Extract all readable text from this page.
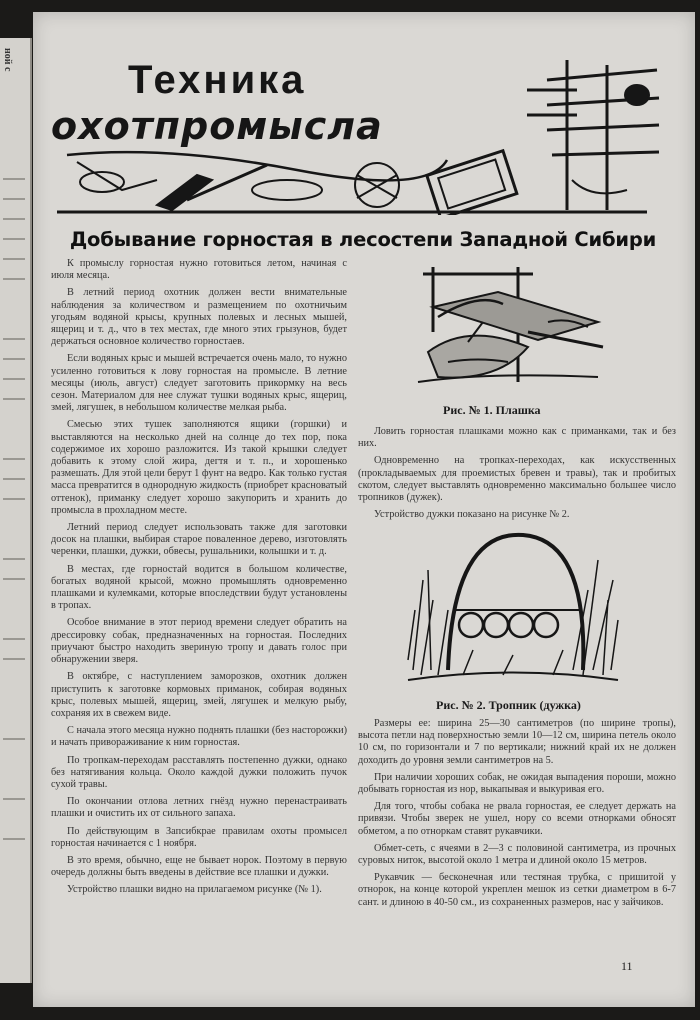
ной с	Техника
охотпромысла
Добывание горностая в лесостепи Западной Сибири

К промыслу горностая нужно готовиться летом, начиная с июля месяца.

В летний период охотник должен вести внимательные наблюдения за количеством и размещением по охотничьим угодьям водяной крысы, крупных полевых и лесных мышей, ящериц и т. д., что в тех местах, где много этих грызунов, будет держаться основное количество горностаев.

Если водяных крыс и мышей встречается очень мало, то нужно усиленно готовиться к лову горностая на промысле. В летние месяцы (июль, август) следует заготовить прикормку на весь сезон. Материалом для нее служат тушки водяных крыс, ящериц, змей, лягушек, в небольшом количестве мелкая рыба.

Смесью этих тушек заполняются ящики (горшки) и выставляются на несколько дней на солнце до тех пор, пока содержимое их хорошо разложится. Из такой крышки следует добавить к этому слой жира, дегтя и т. п., и хорошенько размешать. Для этой цели берут 1 фунт на ведро. Как только густая масса превратится в однородную жидкость (приобрет красноватый оттенок), приманку следует хорошо закупорить и хранить до промысла в прохладном месте.

Летний период следует использовать также для заготовки досок на плашки, выбирая старое поваленное дерево, изготовлять черенки, плашки, дужки, обвесы, рушальники, колышки и т. д.

В местах, где горностай водится в большом количестве, богатых водяной крысой, можно промышлять одновременно плашками и кулемками, которые впоследствии будут установлены в тропах.

Особое внимание в этот период времени следует обратить на дрессировку собак, предназначенных на горностая. Последних приучают быстро находить звериную тропу и давать голос при обнаружении зверя.

В октябре, с наступлением заморозков, охотник должен приступить к заготовке кормовых приманок, собирая водяных крыс, полевых мышей, ящериц, змей, лягушек и мелкую рыбу, сохраняя их в свежем виде.

С начала этого месяца нужно поднять плашки (без насторожки) и начать привораживание к ним горностая.

По тропкам-переходам расставлять постепенно дужки, однако без натягивания кольца. Около каждой дужки положить пучок сухой травы.

По окончании отлова летних гнёзд нужно перенастраивать плашки и очистить их от сильного запаха.

По действующим в Запсибкрае правилам охоты промысел горностая начинается с 1 ноября.

В это время, обычно, еще не бывает норок. Поэтому в первую очередь должны быть введены в действие все плашки и дужки.

Устройство плашки видно на прилагаемом рисунке (№ 1).

Рис. № 1. Плашка

Ловить горностая плашками можно как с приманками, так и без них.

Одновременно на тропках-переходах, как искусственных (прокладываемых для проемистых бревен и травы), так и пробитых скотом, следует выставлять одновременно максимально большее число тропников (дужек).

Устройство дужки показано на рисунке № 2.

Рис. № 2. Тропник (дужка)

Размеры ее: ширина 25—30 сантиметров (по ширине тропы), высота петли над поверхностью земли 10—12 см, ширина петель около 10 см, по горизонтали и 7 по вертикали; нижний край их не должен доходить до уровня земли сантиметров на 5.

При наличии хороших собак, не ожидая выпадения пороши, можно добывать горностая из нор, выкапывая и выкуривая его.

Для того, чтобы собака не рвала горностая, ее следует держать на привязи. Чтобы зверек не ушел, нору со всеми отнорками обносят обметом, а по отноркам ставят рукавчики.

Обмет-сеть, с ячеями в 2—3 с половиной сантиметра, из прочных суровых ниток, высотой около 1 метра и длиной около 15 метров.

Рукавчик — бесконечная или тестяная трубка, с пришитой у отнорок, на конце которой укреплен мешок из сетки диаметром в 6-7 сант. и длиною в 40-50 см., из сохраненных размеров, нас у зайчиков.

11
